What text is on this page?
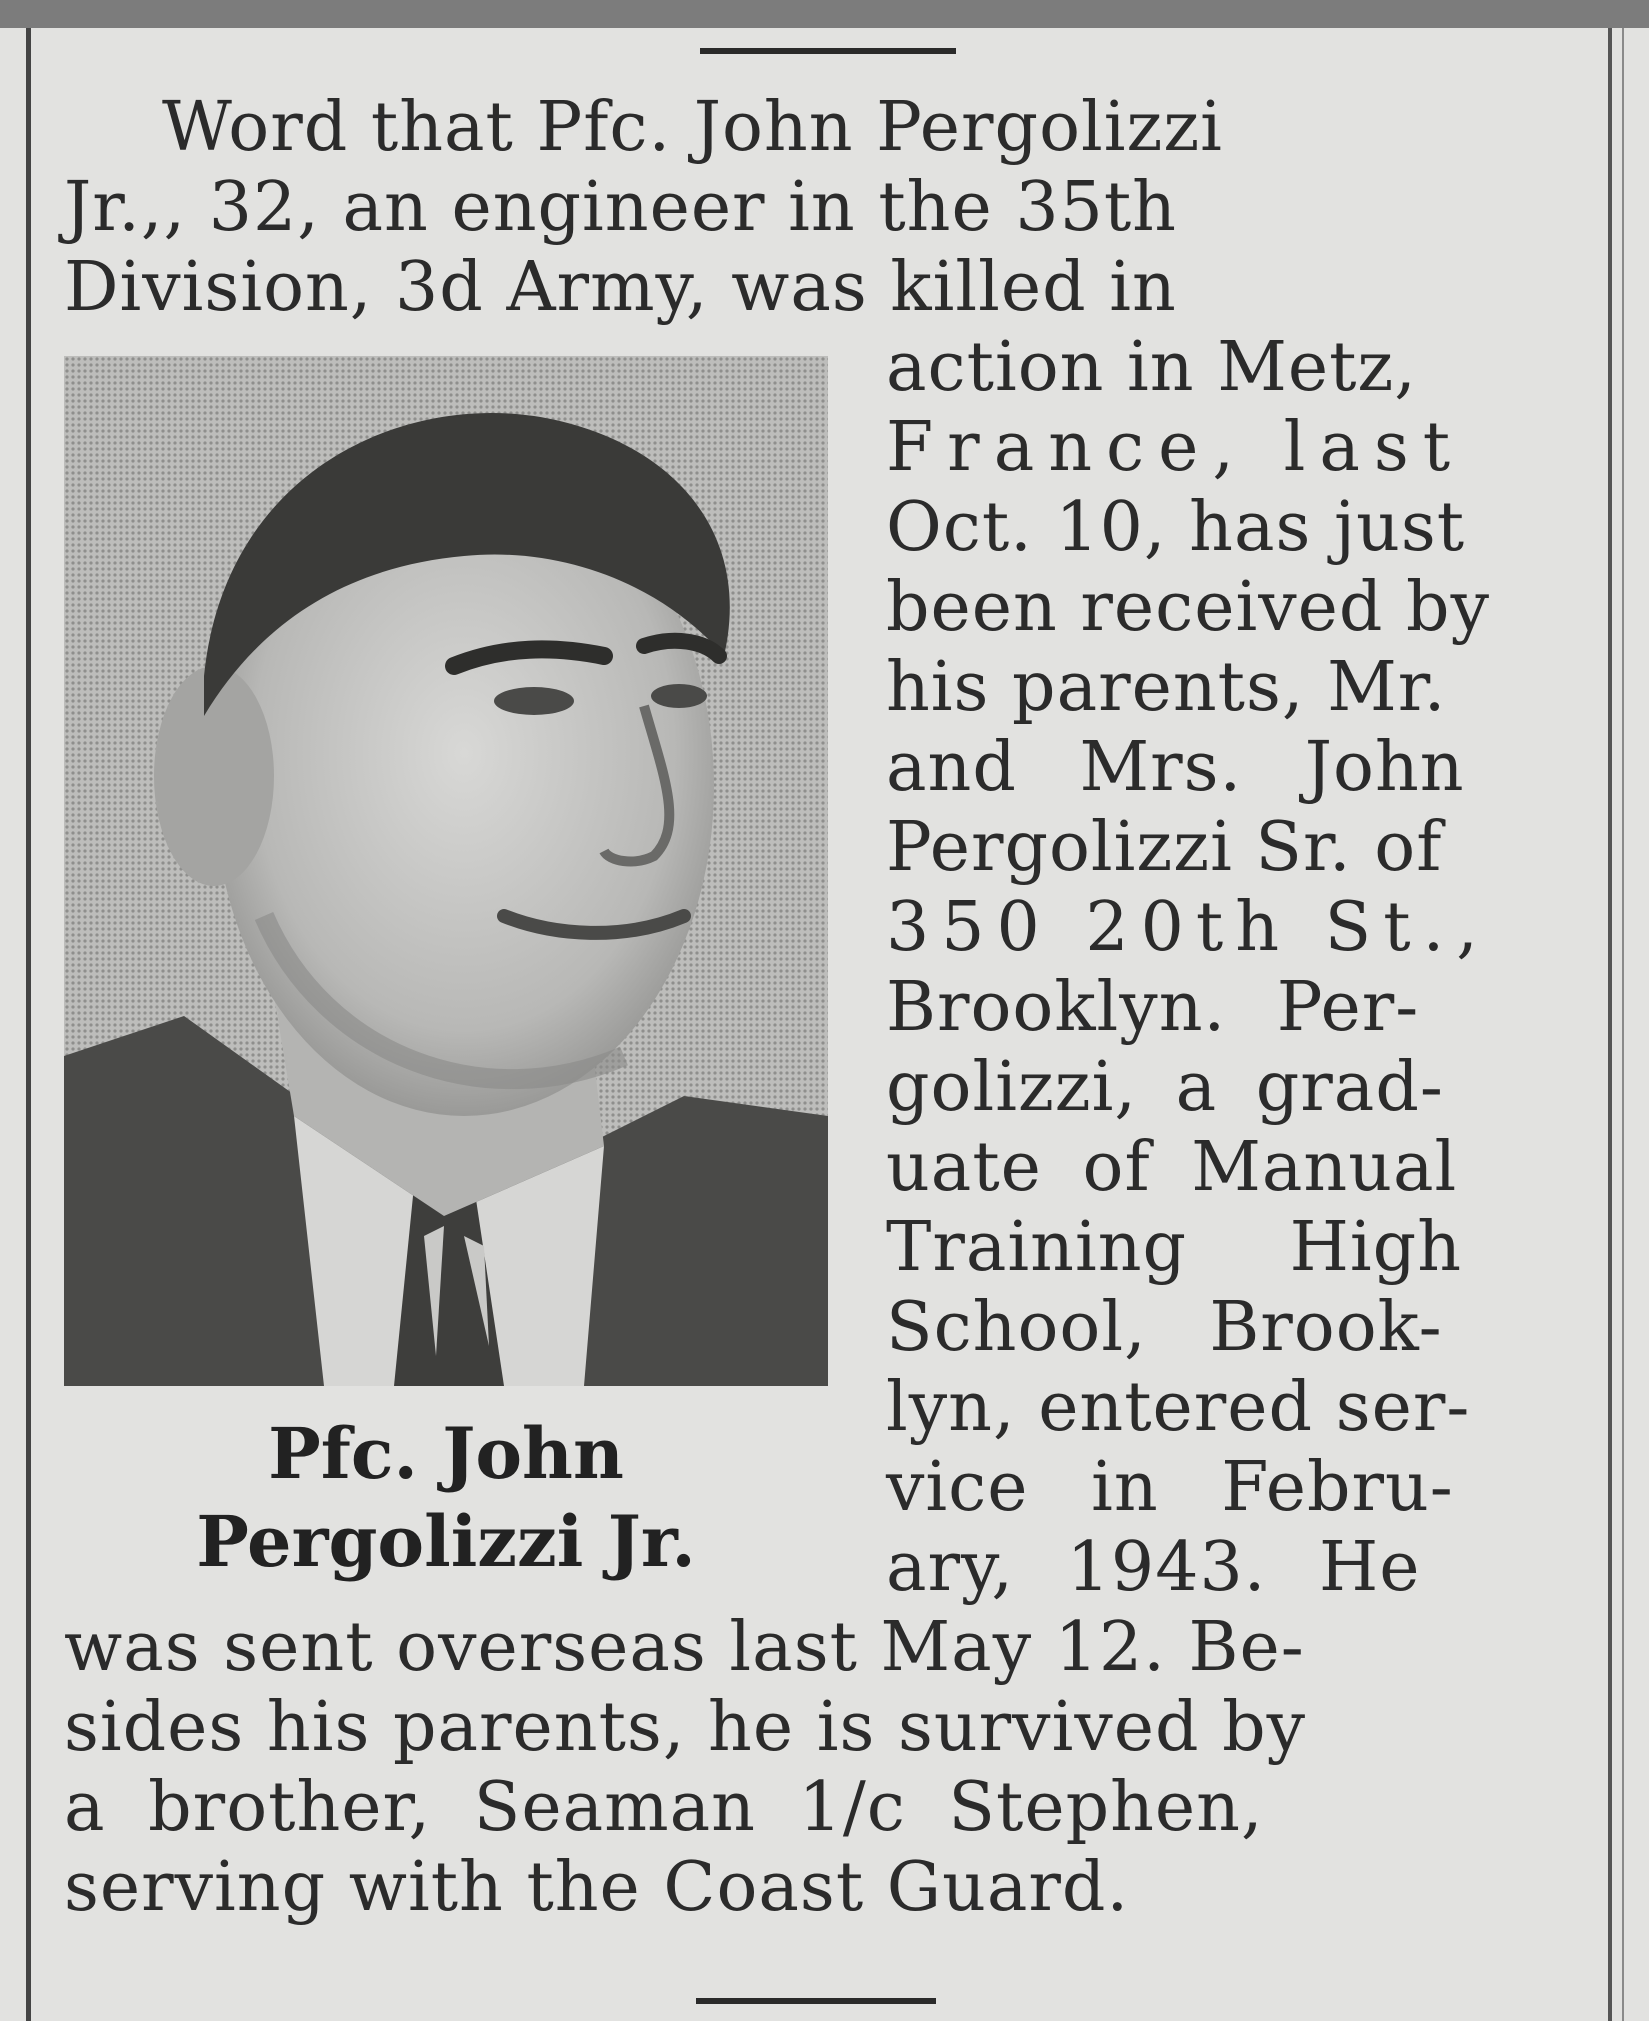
Word that Pfc. John Pergolizzi
Jr.,, 32, an engineer in the 35th
Division, 3d Army, was killed in
Pfc. John
Pergolizzi Jr.
action in Metz,
France, last
Oct. 10, has just
been received by
his parents, Mr.
and Mrs. John
Pergolizzi Sr. of
350 20th St.,
Brooklyn. Per-
golizzi, a grad-
uate of Manual
Training High
School, Brook-
lyn, entered ser-
vice in Febru-
ary, 1943. He
was sent overseas last May 12. Be-
sides his parents, he is survived by
a brother, Seaman 1/c Stephen,
serving with the Coast Guard.
